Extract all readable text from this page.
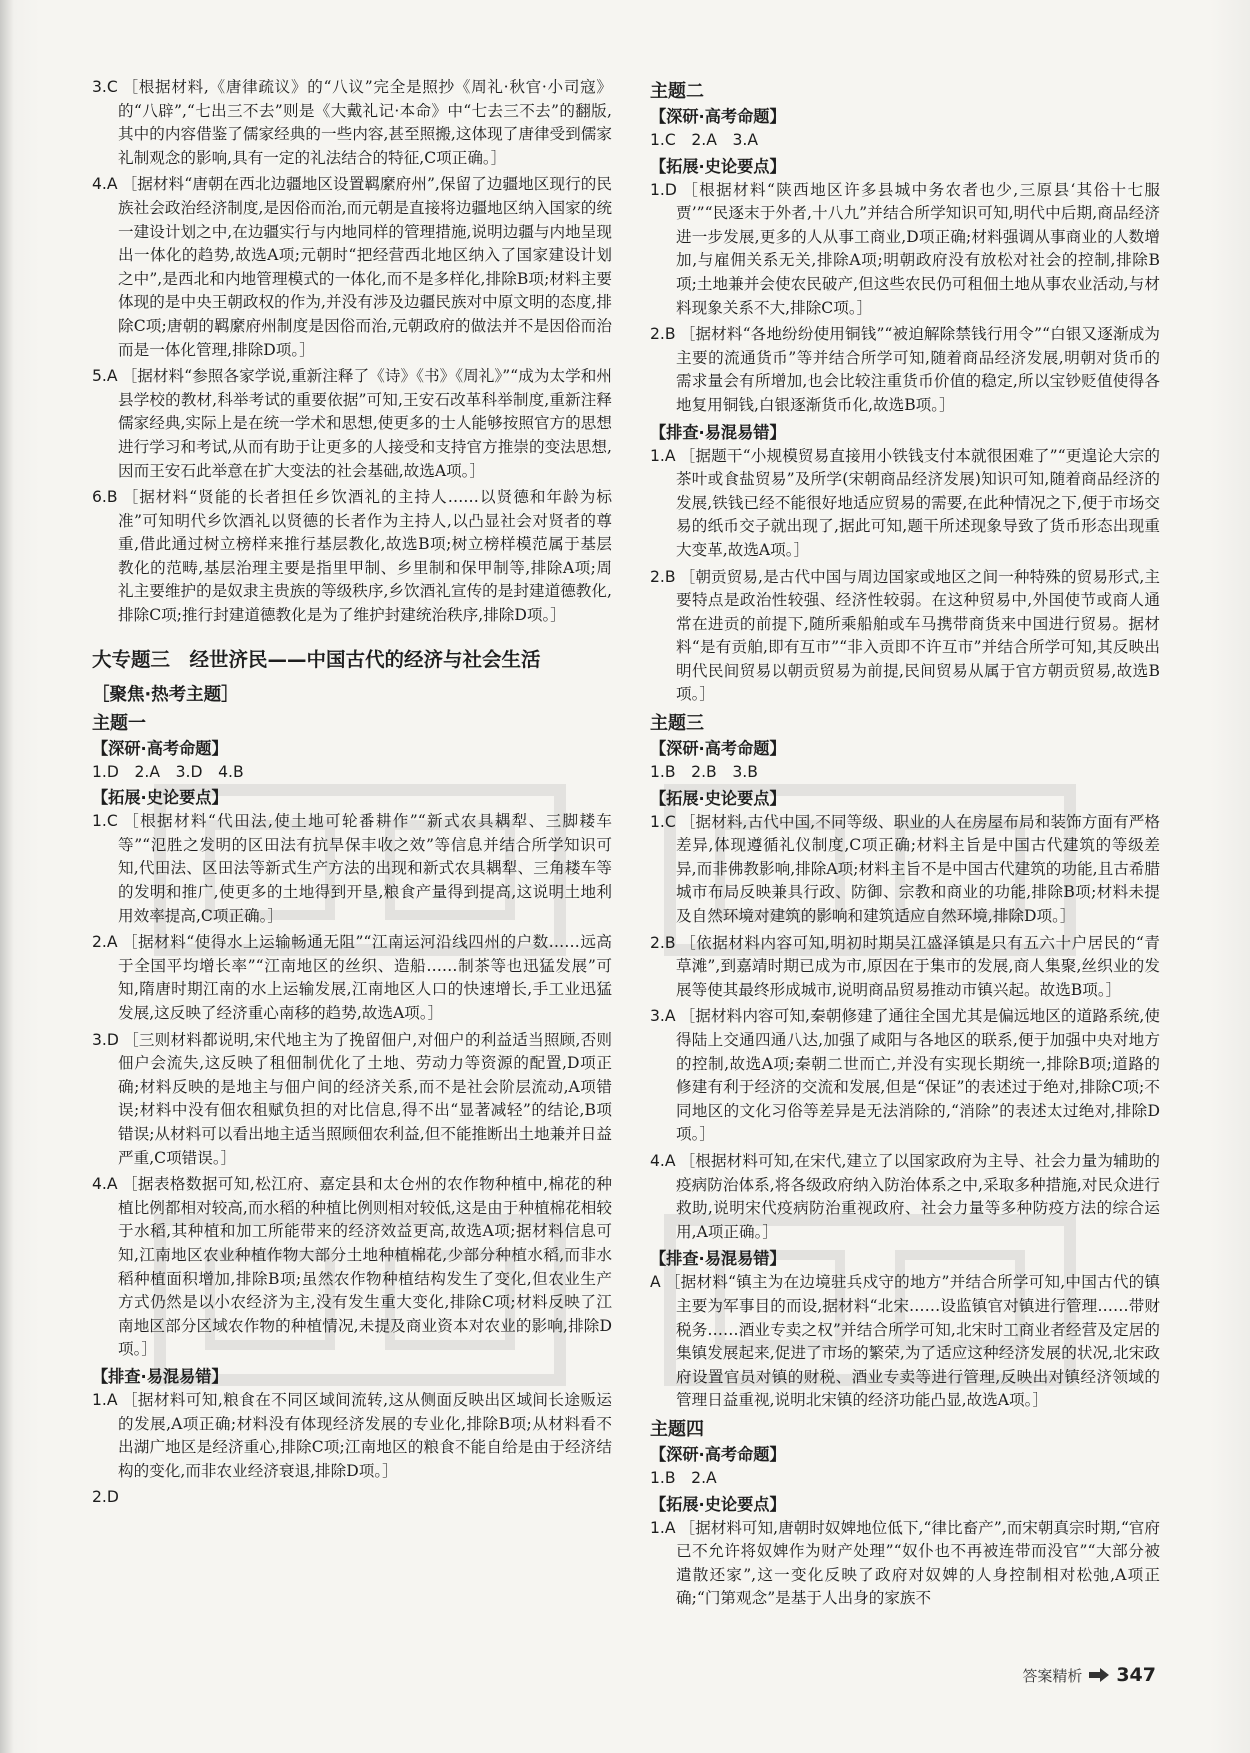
3.C ［根据材料,《唐律疏议》的“八议”完全是照抄《周礼·秋官·小司寇》的“八辟”,“七出三不去”则是《大戴礼记·本命》中“七去三不去”的翻版,其中的内容借鉴了儒家经典的一些内容,甚至照搬,这体现了唐律受到儒家礼制观念的影响,具有一定的礼法结合的特征,C项正确。］

4.A ［据材料“唐朝在西北边疆地区设置羁縻府州”,保留了边疆地区现行的民族社会政治经济制度,是因俗而治,而元朝是直接将边疆地区纳入国家的统一建设计划之中,在边疆实行与内地同样的管理措施,说明边疆与内地呈现出一体化的趋势,故选A项;元朝时“把经营西北地区纳入了国家建设计划之中”,是西北和内地管理模式的一体化,而不是多样化,排除B项;材料主要体现的是中央王朝政权的作为,并没有涉及边疆民族对中原文明的态度,排除C项;唐朝的羁縻府州制度是因俗而治,元朝政府的做法并不是因俗而治而是一体化管理,排除D项。］

5.A ［据材料“参照各家学说,重新注释了《诗》《书》《周礼》”“成为太学和州县学校的教材,科举考试的重要依据”可知,王安石改革科举制度,重新注释儒家经典,实际上是在统一学术和思想,使更多的士人能够按照官方的思想进行学习和考试,从而有助于让更多的人接受和支持官方推崇的变法思想,因而王安石此举意在扩大变法的社会基础,故选A项。］

6.B ［据材料“贤能的长者担任乡饮酒礼的主持人……以贤德和年龄为标准”可知明代乡饮酒礼以贤德的长者作为主持人,以凸显社会对贤者的尊重,借此通过树立榜样来推行基层教化,故选B项;树立榜样模范属于基层教化的范畴,基层治理主要是指里甲制、乡里制和保甲制等,排除A项;周礼主要维护的是奴隶主贵族的等级秩序,乡饮酒礼宣传的是封建道德教化,排除C项;推行封建道德教化是为了维护封建统治秩序,排除D项。］

大专题三　经世济民——中国古代的经济与社会生活

［聚焦·热考主题］

主题一

【深研·高考命题】

1.D　2.A　3.D　4.B

【拓展·史论要点】

1.C ［根据材料“代田法,使土地可轮番耕作”“新式农具耦犁、三脚耧车等”“氾胜之发明的区田法有抗旱保丰收之效”等信息并结合所学知识可知,代田法、区田法等新式生产方法的出现和新式农具耦犁、三角耧车等的发明和推广,使更多的土地得到开垦,粮食产量得到提高,这说明土地利用效率提高,C项正确。］

2.A ［据材料“使得水上运输畅通无阻”“江南运河沿线四州的户数……远高于全国平均增长率”“江南地区的丝织、造船……制茶等也迅猛发展”可知,隋唐时期江南的水上运输发展,江南地区人口的快速增长,手工业迅猛发展,这反映了经济重心南移的趋势,故选A项。］

3.D ［三则材料都说明,宋代地主为了挽留佃户,对佃户的利益适当照顾,否则佃户会流失,这反映了租佃制优化了土地、劳动力等资源的配置,D项正确;材料反映的是地主与佃户间的经济关系,而不是社会阶层流动,A项错误;材料中没有佃农租赋负担的对比信息,得不出“显著减轻”的结论,B项错误;从材料可以看出地主适当照顾佃农利益,但不能推断出土地兼并日益严重,C项错误。］

4.A ［据表格数据可知,松江府、嘉定县和太仓州的农作物种植中,棉花的种植比例都相对较高,而水稻的种植比例则相对较低,这是由于种植棉花相较于水稻,其种植和加工所能带来的经济效益更高,故选A项;据材料信息可知,江南地区农业种植作物大部分土地种植棉花,少部分种植水稻,而非水稻种植面积增加,排除B项;虽然农作物种植结构发生了变化,但农业生产方式仍然是以小农经济为主,没有发生重大变化,排除C项;材料反映了江南地区部分区域农作物的种植情况,未提及商业资本对农业的影响,排除D项。］

【排查·易混易错】

1.A ［据材料可知,粮食在不同区域间流转,这从侧面反映出区域间长途贩运的发展,A项正确;材料没有体现经济发展的专业化,排除B项;从材料看不出湖广地区是经济重心,排除C项;江南地区的粮食不能自给是由于经济结构的变化,而非农业经济衰退,排除D项。］

2.D

主题二

【深研·高考命题】

1.C　2.A　3.A

【拓展·史论要点】

1.D ［根据材料“陕西地区许多县城中务农者也少,三原县‘其俗十七服贾’”“民逐末于外者,十八九”并结合所学知识可知,明代中后期,商品经济进一步发展,更多的人从事工商业,D项正确;材料强调从事商业的人数增加,与雇佣关系无关,排除A项;明朝政府没有放松对社会的控制,排除B项;土地兼并会使农民破产,但这些农民仍可租佃土地从事农业活动,与材料现象关系不大,排除C项。］

2.B ［据材料“各地纷纷使用铜钱”“被迫解除禁钱行用令”“白银又逐渐成为主要的流通货币”等并结合所学可知,随着商品经济发展,明朝对货币的需求量会有所增加,也会比较注重货币价值的稳定,所以宝钞贬值使得各地复用铜钱,白银逐渐货币化,故选B项。］

【排查·易混易错】

1.A ［据题干“小规模贸易直接用小铁钱支付本就很困难了”“更遑论大宗的茶叶或食盐贸易”及所学(宋朝商品经济发展)知识可知,随着商品经济的发展,铁钱已经不能很好地适应贸易的需要,在此种情况之下,便于市场交易的纸币交子就出现了,据此可知,题干所述现象导致了货币形态出现重大变革,故选A项。］

2.B ［朝贡贸易,是古代中国与周边国家或地区之间一种特殊的贸易形式,主要特点是政治性较强、经济性较弱。在这种贸易中,外国使节或商人通常在进贡的前提下,随所乘船舶或车马携带商货来中国进行贸易。据材料“是有贡舶,即有互市”“非入贡即不许互市”并结合所学可知,其反映出明代民间贸易以朝贡贸易为前提,民间贸易从属于官方朝贡贸易,故选B项。］

主题三

【深研·高考命题】

1.B　2.B　3.B

【拓展·史论要点】

1.C ［据材料,古代中国,不同等级、职业的人在房屋布局和装饰方面有严格差异,体现遵循礼仪制度,C项正确;材料主旨是中国古代建筑的等级差异,而非佛教影响,排除A项;材料主旨不是中国古代建筑的功能,且古希腊城市布局反映兼具行政、防御、宗教和商业的功能,排除B项;材料未提及自然环境对建筑的影响和建筑适应自然环境,排除D项。］

2.B ［依据材料内容可知,明初时期吴江盛泽镇是只有五六十户居民的“青草滩”,到嘉靖时期已成为市,原因在于集市的发展,商人集聚,丝织业的发展等使其最终形成城市,说明商品贸易推动市镇兴起。故选B项。］

3.A ［据材料内容可知,秦朝修建了通往全国尤其是偏远地区的道路系统,使得陆上交通四通八达,加强了咸阳与各地区的联系,便于加强中央对地方的控制,故选A项;秦朝二世而亡,并没有实现长期统一,排除B项;道路的修建有利于经济的交流和发展,但是“保证”的表述过于绝对,排除C项;不同地区的文化习俗等差异是无法消除的,“消除”的表述太过绝对,排除D项。］

4.A ［根据材料可知,在宋代,建立了以国家政府为主导、社会力量为辅助的疫病防治体系,将各级政府纳入防治体系之中,采取多种措施,对民众进行救助,说明宋代疫病防治重视政府、社会力量等多种防疫方法的综合运用,A项正确。］

【排查·易混易错】

A ［据材料“镇主为在边境驻兵戍守的地方”并结合所学可知,中国古代的镇主要为军事目的而设,据材料“北宋……设监镇官对镇进行管理……带财税务……酒业专卖之权”并结合所学可知,北宋时工商业者经营及定居的集镇发展起来,促进了市场的繁荣,为了适应这种经济发展的状况,北宋政府设置官员对镇的财税、酒业专卖等进行管理,反映出对镇经济领域的管理日益重视,说明北宋镇的经济功能凸显,故选A项。］

主题四

【深研·高考命题】

1.B　2.A

【拓展·史论要点】

1.A ［据材料可知,唐朝时奴婢地位低下,“律比畜产”,而宋朝真宗时期,“官府已不允许将奴婢作为财产处理”“奴仆也不再被连带而没官”“大部分被遣散还家”,这一变化反映了政府对奴婢的人身控制相对松弛,A项正确;“门第观念”是基于人出身的家族不

答案精析 347
